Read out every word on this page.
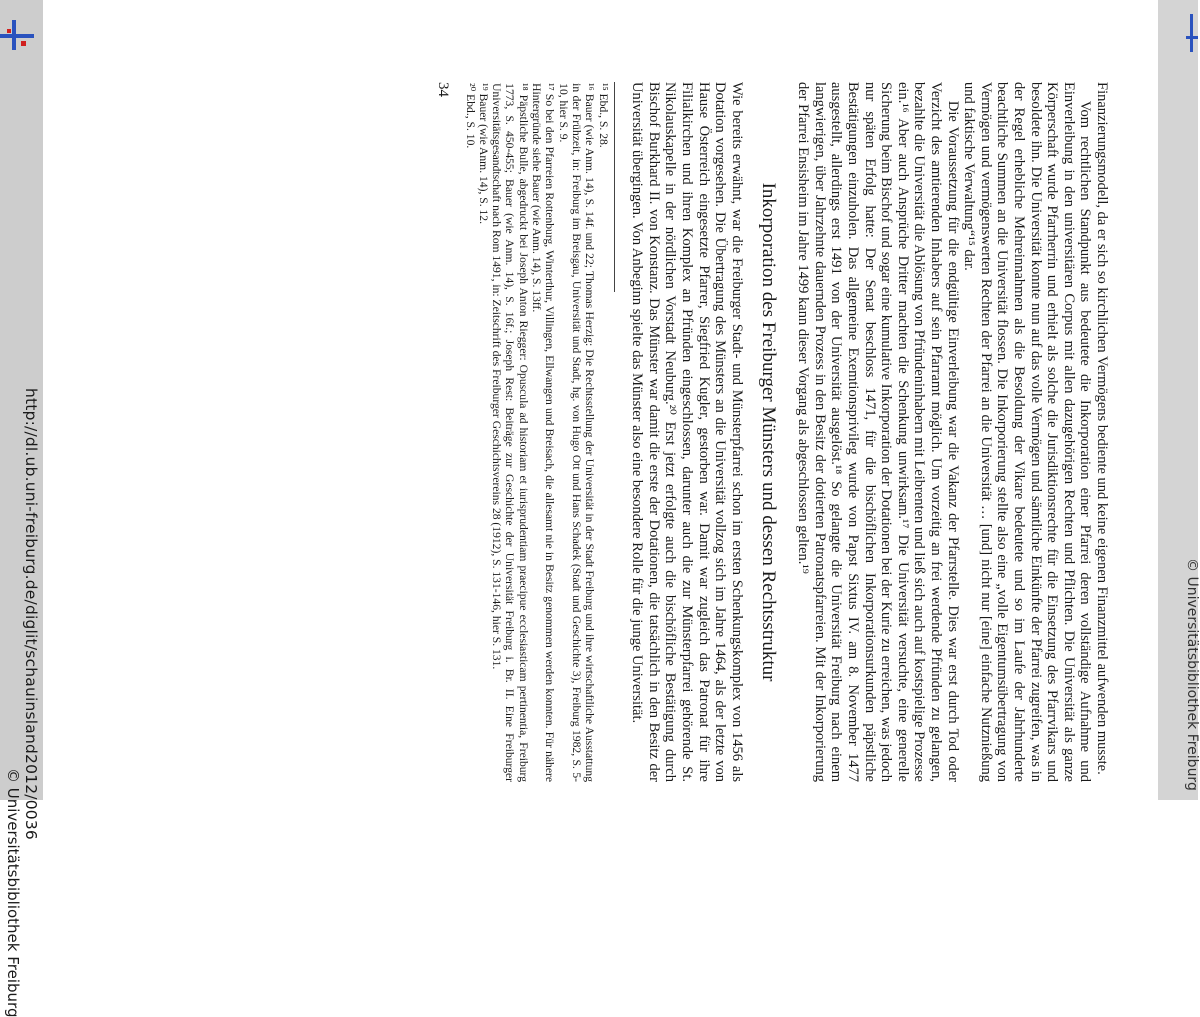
Finanzierungsmodell, da er sich so kirchlichen Vermögens bediente und keine eigenen Finanzmittel aufwenden musste.

Vom rechtlichen Standpunkt aus bedeutete die Inkorporation einer Pfarrei deren vollständige Aufnahme und Einverleibung in den universitären Corpus mit allen dazugehörigen Rechten und Pflichten. Die Universität als ganze Körperschaft wurde Pfarrherrin und erhielt als solche die Jurisdiktionsrechte für die Einsetzung des Pfarrvikars und besoldete ihn. Die Universität konnte nun auf das volle Vermögen und sämtliche Einkünfte der Pfarrei zugreifen, was in der Regel erhebliche Mehreinnahmen als die Besoldung der Vikare bedeutete und so im Laufe der Jahrhunderte beachtliche Summen an die Universität flossen. Die Inkorporierung stellte also eine „volle Eigentumsübertragung von Vermögen und vermögenswerten Rechten der Pfarrei an die Universität … [und] nicht nur [eine] einfache Nutznießung und faktische Verwaltung“¹⁵ dar.

Die Voraussetzung für die endgültige Einverleibung war die Vakanz der Pfarrstelle. Dies war erst durch Tod oder Verzicht des amtierenden Inhabers auf sein Pfarramt möglich. Um vorzeitig an frei werdende Pfründen zu gelangen, bezahlte die Universität die Ablösung von Pfründeninhabern mit Leibrenten und ließ sich auch auf kostspielige Prozesse ein.¹⁶ Aber auch Ansprüche Dritter machten die Schenkung unwirksam.¹⁷ Die Universität versuchte, eine generelle Sicherung beim Bischof und sogar eine kumulative Inkorporation der Dotationen bei der Kurie zu erreichen, was jedoch nur späten Erfolg hatte: Der Senat beschloss 1471, für die bischöflichen Inkorporationsurkunden päpstliche Bestätigungen einzuholen. Das allgemeine Exemtionsprivileg wurde von Papst Sixtus IV. am 8. November 1477 ausgestellt, allerdings erst 1491 von der Universität ausgelöst.¹⁸ So gelangte die Universität Freiburg nach einem langwierigen, über Jahrzehnte dauernden Prozess in den Besitz der dotierten Patronatspfarreien. Mit der Inkorporierung der Pfarrei Ensisheim im Jahre 1499 kann dieser Vorgang als abgeschlossen gelten.¹⁹

Inkorporation des Freiburger Münsters und dessen Rechtsstruktur

Wie bereits erwähnt, war die Freiburger Stadt- und Münsterpfarrei schon im ersten Schenkungskomplex von 1456 als Dotation vorgesehen. Die Übertragung des Münsters an die Universität vollzog sich im Jahre 1464, als der letzte von Hause Österreich eingesetzte Pfarrer, Siegfried Kugler, gestorben war. Damit war zugleich das Patronat für ihre Filialkirchen und ihren Komplex an Pfründen eingeschlossen, darunter auch die zur Münsterpfarrei gehörende St. Nikolauskapelle in der nördlichen Vorstadt Neuburg.²⁰ Erst jetzt erfolgte auch die bischöfliche Bestätigung durch Bischof Burkhard II. von Konstanz. Das Münster war damit die erste der Dotationen, die tatsächlich in den Besitz der Universität übergingen. Von Anbeginn spielte das Münster also eine besondere Rolle für die junge Universität.

¹⁵ Ebd., S. 28.

¹⁶ Bauer (wie Anm. 14), S. 14f. und 22; Thomas Herzig: Die Rechtsstellung der Universität in der Stadt Freiburg und ihre wirtschaftliche Ausstattung in der Frühzeit, in: Freiburg im Breisgau, Universität und Stadt, hg. von Hugo Ott und Hans Schadek (Stadt und Geschichte 3), Freiburg 1982, S. 5-10, hier S. 9.

¹⁷ So bei den Pfarreien Rottenburg, Winterthur, Villingen, Ellwangen und Breisach, die allesamt nie in Besitz genommen werden konnten. Für nähere Hintergründe siehe Bauer (wie Anm. 14), S. 13ff.

¹⁸ Päpstliche Bulle, abgedruckt bei Joseph Anton Riegger: Opuscula ad historiam et iurisprudentiam praecipue ecclesiasticam pertinentia, Freiburg 1773, S. 450-455; Bauer (wie Anm. 14), S. 16f.; Joseph Rest: Beiträge zur Geschichte der Universität Freiburg i. Br. II. Eine Freiburger Universitätsgesandtschaft nach Rom 1491, in: Zeitschrift des Freiburger Geschichtsvereins 28 (1912), S. 131-146, hier S. 131.

¹⁹ Bauer (wie Anm. 14), S. 12.

²⁰ Ebd., S. 10.

34
http://dl.ub.uni-freiburg.de/diglit/schauinsland2012/0036
© Universitätsbibliothek Freiburg
© Universitätsbibliothek Freiburg
